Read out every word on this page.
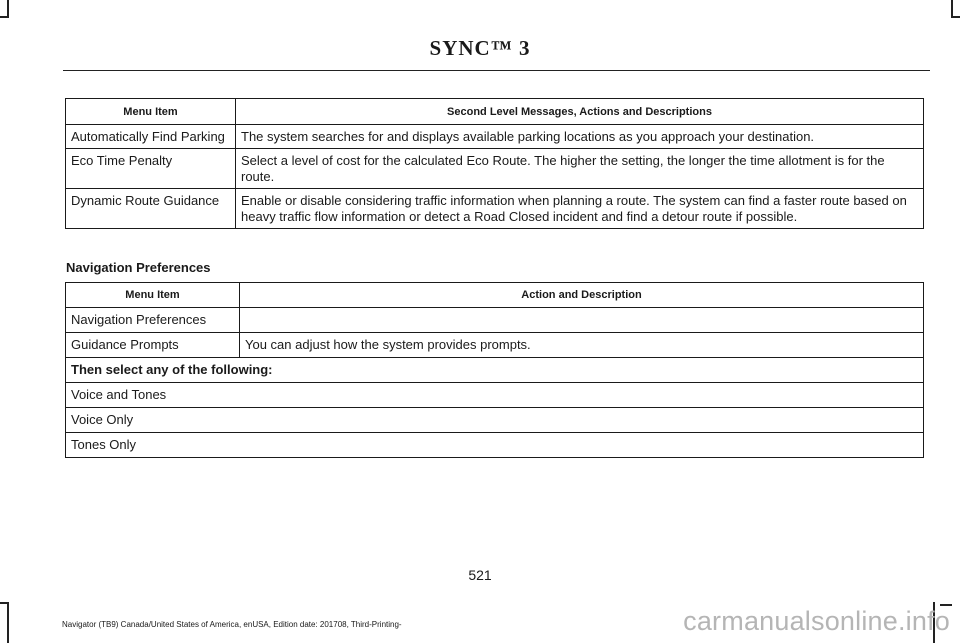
SYNC™ 3
Menu Item	Second Level Messages, Actions and Descriptions
Automatically Find Parking	The system searches for and displays available parking locations as you approach your destination.
Eco Time Penalty	Select a level of cost for the calculated Eco Route. The higher the setting, the longer the time allotment is for the route.
Dynamic Route Guidance	Enable or disable considering traffic information when planning a route. The system can find a faster route based on heavy traffic flow information or detect a Road Closed incident and find a detour route if possible.
Navigation Preferences
Menu Item	Action and Description
Navigation Preferences	
Guidance Prompts	You can adjust how the system provides prompts.
Then select any of the following:	
Voice and Tones	
Voice Only	
Tones Only	
521
Navigator (TB9) Canada/United States of America, enUSA, Edition date: 201708, Third-Printing-	carmanualsonline.info
